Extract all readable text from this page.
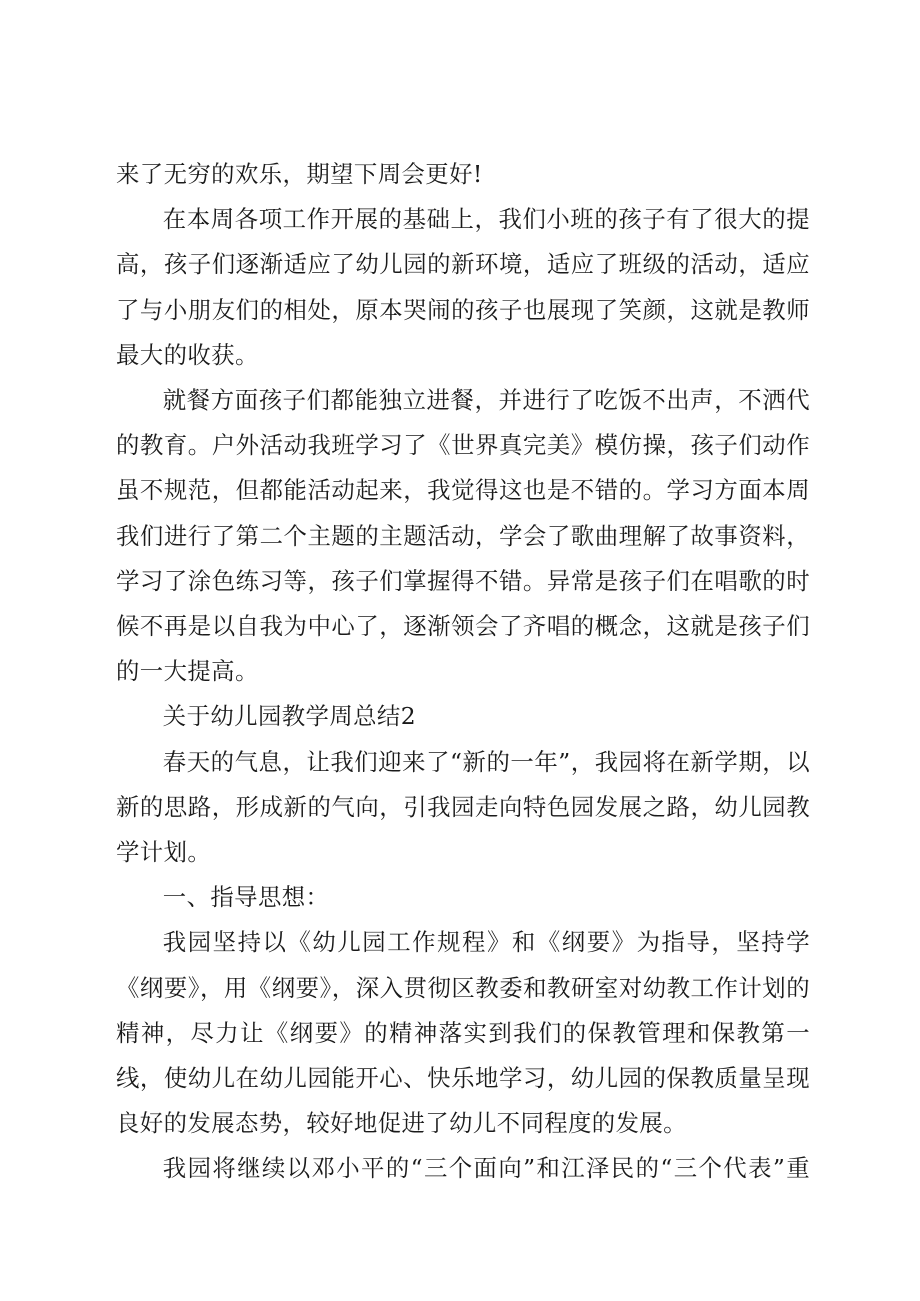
来了无穷的欢乐，期望下周会更好!

在本周各项工作开展的基础上，我们小班的孩子有了很大的提高，孩子们逐渐适应了幼儿园的新环境，适应了班级的活动，适应了与小朋友们的相处，原本哭闹的孩子也展现了笑颜，这就是教师最大的收获。

就餐方面孩子们都能独立进餐，并进行了吃饭不出声，不洒代的教育。户外活动我班学习了《世界真完美》模仿操，孩子们动作虽不规范，但都能活动起来，我觉得这也是不错的。学习方面本周我们进行了第二个主题的主题活动，学会了歌曲理解了故事资料，学习了涂色练习等，孩子们掌握得不错。异常是孩子们在唱歌的时候不再是以自我为中心了，逐渐领会了齐唱的概念，这就是孩子们的一大提高。

关于幼儿园教学周总结2

春天的气息，让我们迎来了“新的一年”，我园将在新学期，以新的思路，形成新的气向，引我园走向特色园发展之路，幼儿园教学计划。

一、指导思想：

我园坚持以《幼儿园工作规程》和《纲要》为指导，坚持学《纲要》，用《纲要》，深入贯彻区教委和教研室对幼教工作计划的精神，尽力让《纲要》的精神落实到我们的保教管理和保教第一线，使幼儿在幼儿园能开心、快乐地学习，幼儿园的保教质量呈现良好的发展态势，较好地促进了幼儿不同程度的发展。

我园将继续以邓小平的“三个面向”和江泽民的“三个代表”重
